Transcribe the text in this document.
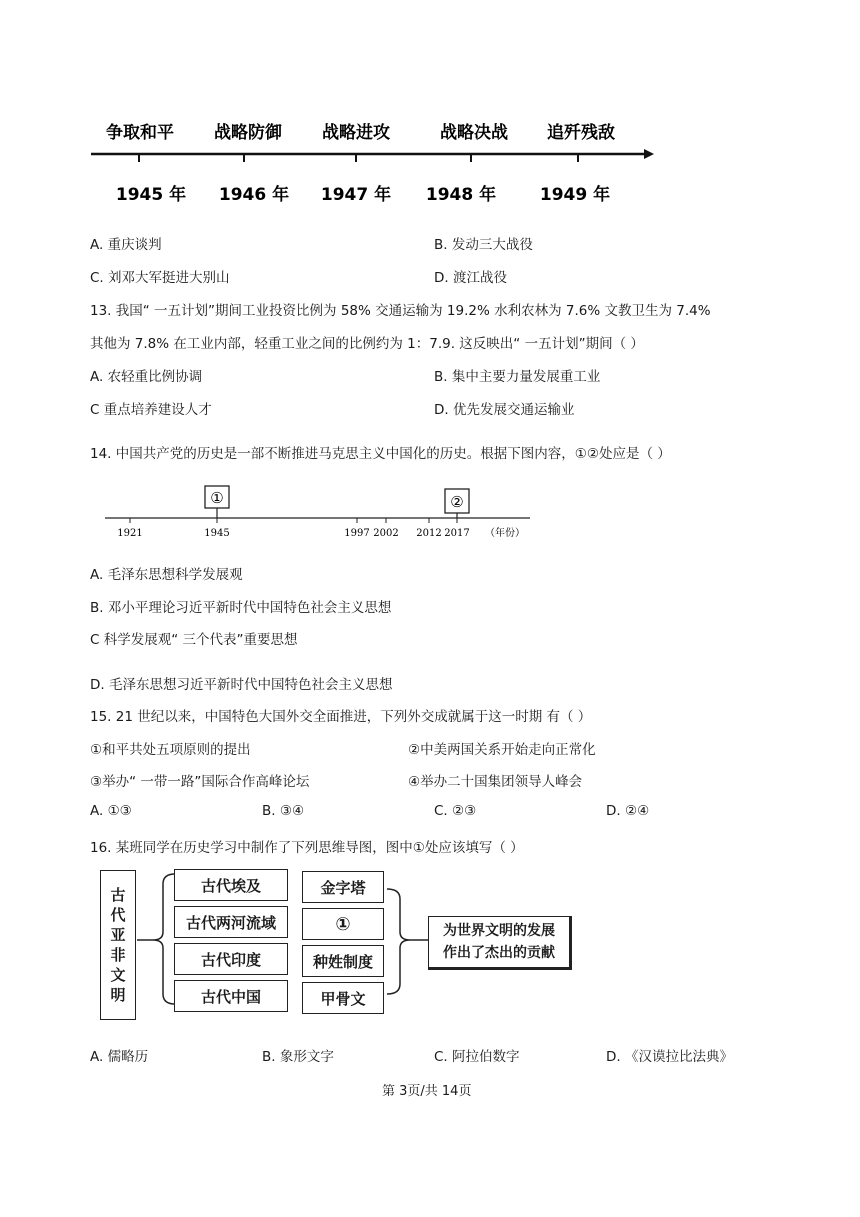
争取和平 战略防御 战略进攻	战略决战 追歼残敌
1945 年 1946 年 1947 年 1948 年	1949 年
A. 重庆谈判	B. 发动三大战役
C. 刘邓大军挺进大别山	D. 渡江战役
13. 我国“ 一五计划”期间工业投资比例为 58% 交通运输为 19.2% 水利农林为 7.6% 文教卫生为 7.4%
其他为 7.8% 在工业内部，轻重工业之间的比例约为 1：7.9. 这反映出“ 一五计划”期间（ ）
A. 农轻重比例协调	B. 集中主要力量发展重工业
C 重点培养建设人才	D. 优先发展交通运输业
14. 中国共产党的历史是一部不断推进马克思主义中国化的历史。根据下图内容，①②处应是（ ）
①	②
1921	1945	1997 2002 2012 2017 （年份）
A. 毛泽东思想科学发展观
B. 邓小平理论习近平新时代中国特色社会主义思想
C 科学发展观“ 三个代表”重要思想
D. 毛泽东思想习近平新时代中国特色社会主义思想
15. 21 世纪以来，中国特色大国外交全面推进，下列外交成就属于这一时期 有（ ）
①和平共处五项原则的提出	②中美两国关系开始走向正常化
③举办“ 一带一路”国际合作高峰论坛	④举办二十国集团领导人峰会
A. ①③	B. ③④	C. ②③	D. ②④
16. 某班同学在历史学习中制作了下列思维导图，图中①处应该填写（ ）
古
代
亚
非
文
明
古代埃及
古代两河流域
古代印度
古代中国
金字塔
①
种姓制度
甲骨文
为世界文明的发展
作出了杰出的贡献
A. 儒略历	B. 象形文字	C. 阿拉伯数字	D. 《汉谟拉比法典》
第 3页/共 14页
